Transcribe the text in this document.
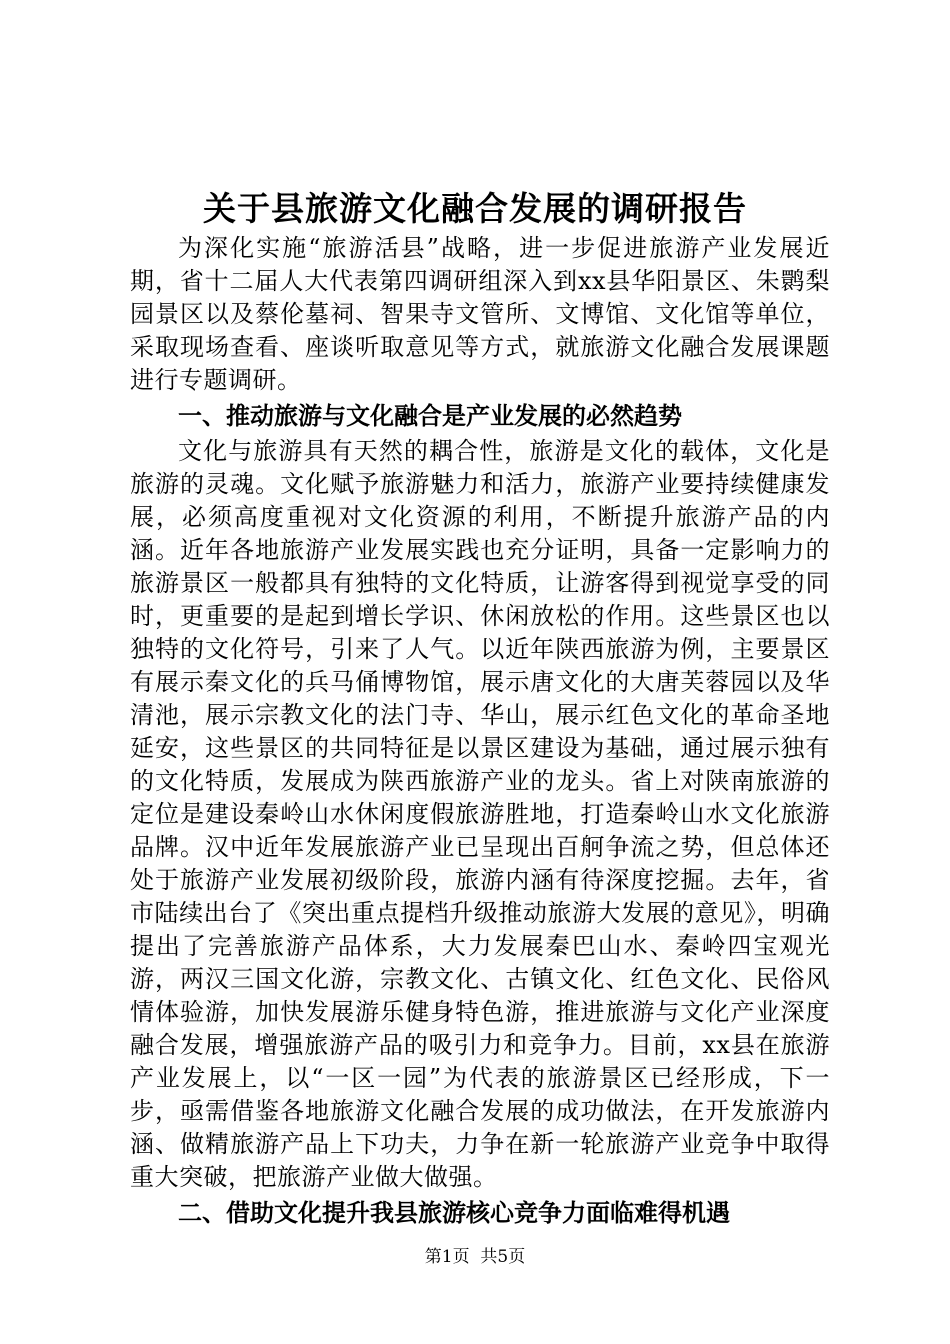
关于县旅游文化融合发展的调研报告

为深化实施“旅游活县”战略，进一步促进旅游产业发展近期，省十二届人大代表第四调研组深入到xx县华阳景区、朱鹮梨园景区以及蔡伦墓祠、智果寺文管所、文博馆、文化馆等单位，采取现场查看、座谈听取意见等方式，就旅游文化融合发展课题进行专题调研。

一、推动旅游与文化融合是产业发展的必然趋势

文化与旅游具有天然的耦合性，旅游是文化的载体，文化是旅游的灵魂。文化赋予旅游魅力和活力，旅游产业要持续健康发展，必须高度重视对文化资源的利用，不断提升旅游产品的内涵。近年各地旅游产业发展实践也充分证明，具备一定影响力的旅游景区一般都具有独特的文化特质，让游客得到视觉享受的同时，更重要的是起到增长学识、休闲放松的作用。这些景区也以独特的文化符号，引来了人气。以近年陕西旅游为例，主要景区有展示秦文化的兵马俑博物馆，展示唐文化的大唐芙蓉园以及华清池，展示宗教文化的法门寺、华山，展示红色文化的革命圣地延安，这些景区的共同特征是以景区建设为基础，通过展示独有的文化特质，发展成为陕西旅游产业的龙头。省上对陕南旅游的定位是建设秦岭山水休闲度假旅游胜地，打造秦岭山水文化旅游品牌。汉中近年发展旅游产业已呈现出百舸争流之势，但总体还处于旅游产业发展初级阶段，旅游内涵有待深度挖掘。去年，省市陆续出台了《突出重点提档升级推动旅游大发展的意见》，明确提出了完善旅游产品体系，大力发展秦巴山水、秦岭四宝观光游，两汉三国文化游，宗教文化、古镇文化、红色文化、民俗风情体验游，加快发展游乐健身特色游，推进旅游与文化产业深度融合发展，增强旅游产品的吸引力和竞争力。目前，xx县在旅游产业发展上，以“一区一园”为代表的旅游景区已经形成，下一步，亟需借鉴各地旅游文化融合发展的成功做法，在开发旅游内涵、做精旅游产品上下功夫，力争在新一轮旅游产业竞争中取得重大突破，把旅游产业做大做强。

二、借助文化提升我县旅游核心竞争力面临难得机遇
第1页 共5页
